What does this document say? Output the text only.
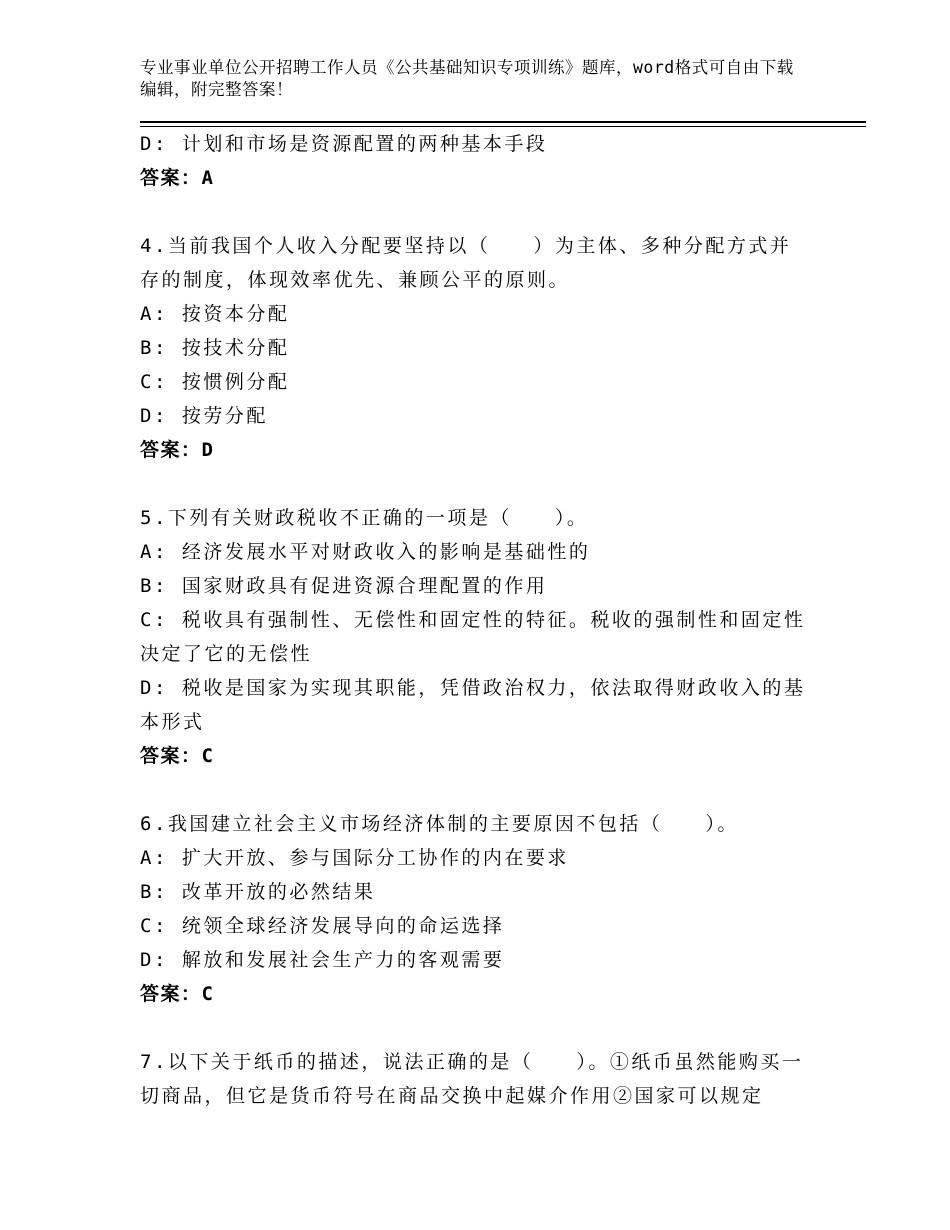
专业事业单位公开招聘工作人员《公共基础知识专项训练》题库，word格式可自由下载编辑，附完整答案！

D: 计划和市场是资源配置的两种基本手段

答案：A

4.当前我国个人收入分配要坚持以（　　）为主体、多种分配方式并存的制度，体现效率优先、兼顾公平的原则。

A: 按资本分配

B: 按技术分配

C: 按惯例分配

D: 按劳分配

答案：D

5.下列有关财政税收不正确的一项是（　　）。

A: 经济发展水平对财政收入的影响是基础性的

B: 国家财政具有促进资源合理配置的作用

C: 税收具有强制性、无偿性和固定性的特征。税收的强制性和固定性决定了它的无偿性

D: 税收是国家为实现其职能，凭借政治权力，依法取得财政收入的基本形式

答案：C

6.我国建立社会主义市场经济体制的主要原因不包括（　　）。

A: 扩大开放、参与国际分工协作的内在要求

B: 改革开放的必然结果

C: 统领全球经济发展导向的命运选择

D: 解放和发展社会生产力的客观需要

答案：C

7.以下关于纸币的描述，说法正确的是（　　）。①纸币虽然能购买一切商品，但它是货币符号在商品交换中起媒介作用②国家可以规定
